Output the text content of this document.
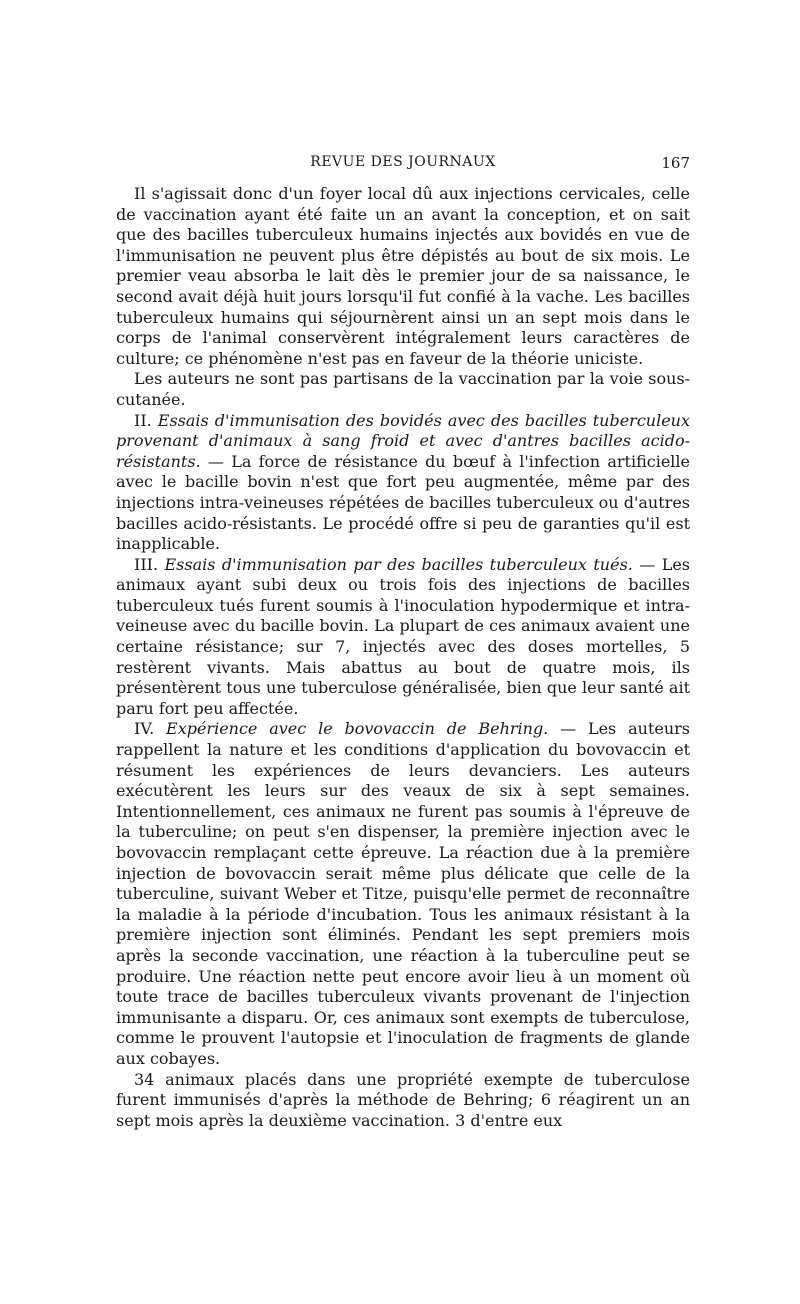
REVUE DES JOURNAUX	167

Il s'agissait donc d'un foyer local dû aux injections cervicales, celle de vaccination ayant été faite un an avant la conception, et on sait que des bacilles tuberculeux humains injectés aux bovidés en vue de l'immunisation ne peuvent plus être dépistés au bout de six mois. Le premier veau absorba le lait dès le premier jour de sa naissance, le second avait déjà huit jours lorsqu'il fut confié à la vache. Les bacilles tuberculeux humains qui séjournèrent ainsi un an sept mois dans le corps de l'animal conservèrent intégralement leurs caractères de culture; ce phénomène n'est pas en faveur de la théorie uniciste.

Les auteurs ne sont pas partisans de la vaccination par la voie sous-cutanée.

II. Essais d'immunisation des bovidés avec des bacilles tuberculeux provenant d'animaux à sang froid et avec d'antres bacilles acido-résistants. — La force de résistance du bœuf à l'infection artificielle avec le bacille bovin n'est que fort peu augmentée, même par des injections intra-veineuses répétées de bacilles tuberculeux ou d'autres bacilles acido-résistants. Le procédé offre si peu de garanties qu'il est inapplicable.

III. Essais d'immunisation par des bacilles tuberculeux tués. — Les animaux ayant subi deux ou trois fois des injections de bacilles tuberculeux tués furent soumis à l'inoculation hypodermique et intra-veineuse avec du bacille bovin. La plupart de ces animaux avaient une certaine résistance; sur 7, injectés avec des doses mortelles, 5 restèrent vivants. Mais abattus au bout de quatre mois, ils présentèrent tous une tuberculose généralisée, bien que leur santé ait paru fort peu affectée.

IV. Expérience avec le bovovaccin de Behring. — Les auteurs rappellent la nature et les conditions d'application du bovovaccin et résument les expériences de leurs devanciers. Les auteurs exécutèrent les leurs sur des veaux de six à sept semaines. Intentionnellement, ces animaux ne furent pas soumis à l'épreuve de la tuberculine; on peut s'en dispenser, la première injection avec le bovovaccin remplaçant cette épreuve. La réaction due à la première injection de bovovaccin serait même plus délicate que celle de la tuberculine, suivant Weber et Titze, puisqu'elle permet de reconnaître la maladie à la période d'incubation. Tous les animaux résistant à la première injection sont éliminés. Pendant les sept premiers mois après la seconde vaccination, une réaction à la tuberculine peut se produire. Une réaction nette peut encore avoir lieu à un moment où toute trace de bacilles tuberculeux vivants provenant de l'injection immunisante a disparu. Or, ces animaux sont exempts de tuberculose, comme le prouvent l'autopsie et l'inoculation de fragments de glande aux cobayes.

34 animaux placés dans une propriété exempte de tuberculose furent immunisés d'après la méthode de Behring; 6 réagirent un an sept mois après la deuxième vaccination. 3 d'entre eux
